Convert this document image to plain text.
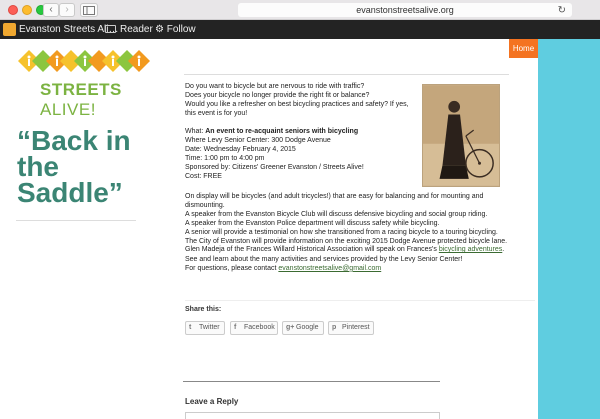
‹	›	evanstonstreetsalive.org	↻
Evanston Streets Ali… Reader ⚙ Follow
Home
STREETS ALIVE!
“Back in the Saddle”
Do you want to bicycle but are nervous to ride with traffic?
Does your bicycle no longer provide the right fit or balance?
Would you like a refresher on best bicycling practices and safety? If yes,
this event is for you!
What: An event to re-acquaint seniors with bicycling
Where Levy Senior Center: 300 Dodge Avenue
Date: Wednesday February 4, 2015
Time: 1:00 pm to 4:00 pm
Sponsored by: Citizens' Greener Evanston / Streets Alive!
Cost: FREE
On display will be bicycles (and adult tricycles!) that are easy for balancing and for mounting and dismounting.
A speaker from the Evanston Bicycle Club will discuss defensive bicycling and social group riding.
A speaker from the Evanston Police department will discuss safety while bicycling.
A senior will provide a testimonial on how she transitioned from a racing bicycle to a touring bicycling.
The City of Evanston will provide information on the exciting 2015 Dodge Avenue protected bicycle lane.
Glen Madeja of the Frances Willard Historical Association will speak on Frances's bicycling adventures.
See and learn about the many activities and services provided by the Levy Senior Center!
For questions, please contact evanstonstreetsalive@gmail.com
Share this:
t Twitter	f Facebook	g+ Google	p Pinterest
Leave a Reply
